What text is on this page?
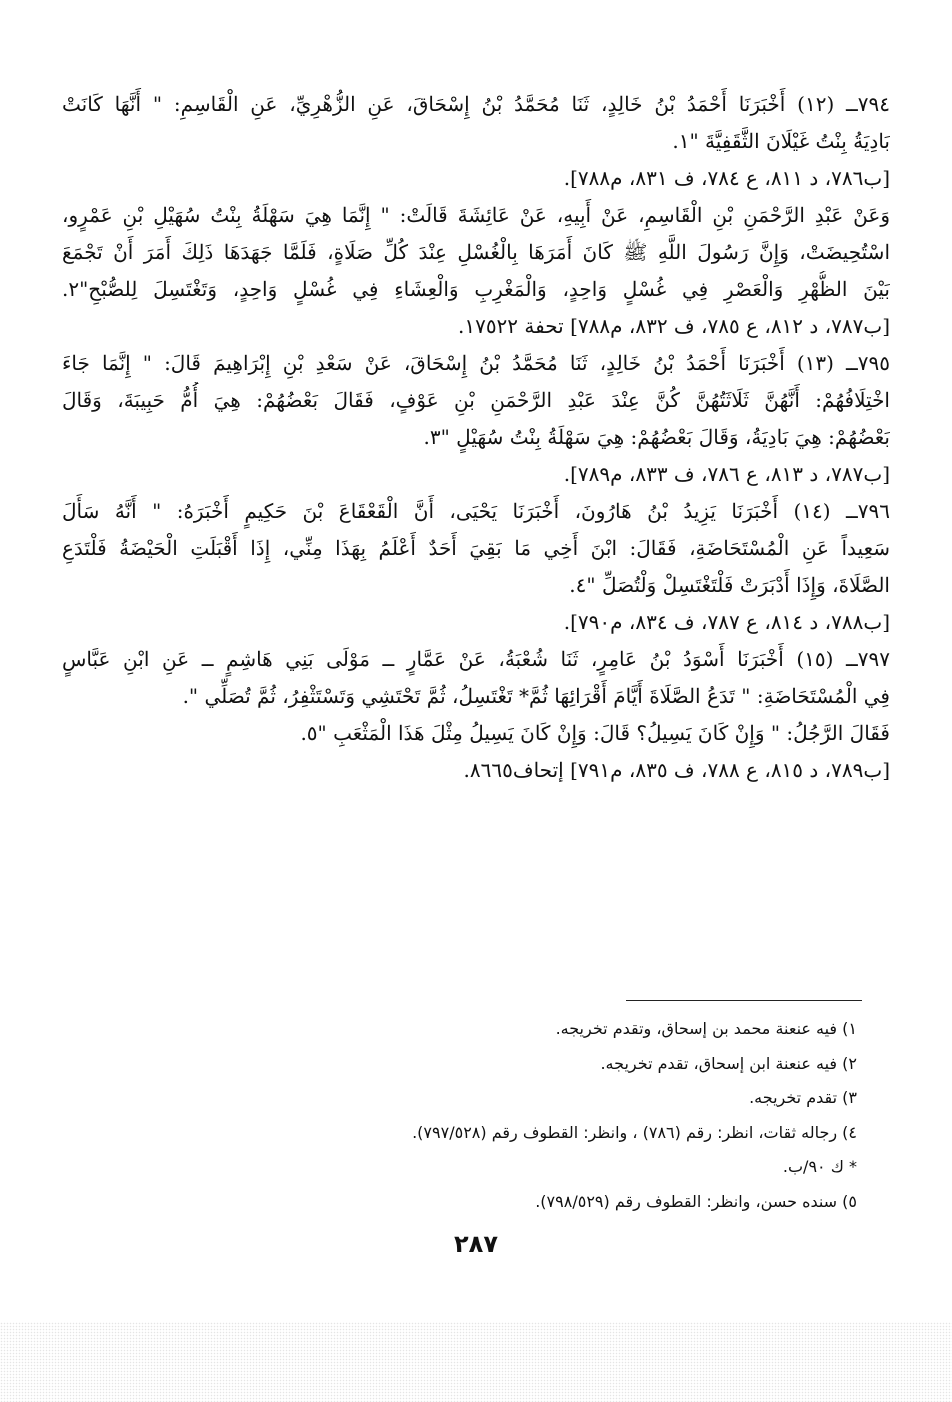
٧٩٤ــ (١٢) أَخْبَرَنَا أَحْمَدُ بْنُ خَالِدٍ، ثَنَا مُحَمَّدُ بْنُ إِسْحَاقَ، عَنِ الزُّهْرِيِّ، عَنِ الْقَاسِمِ: " أَنَّهَا كَانَتْ
بَادِيَةُ بِنْتُ غَيْلَانَ الثَّقَفِيَّةَ "١.
[ب٧٨٦، د ٨١١، ع ٧٨٤، ف ٨٣١، م٧٨٨].
وَعَنْ عَبْدِ الرَّحْمَنِ بْنِ الْقَاسِمِ، عَنْ أَبِيهِ، عَنْ عَائِشَةَ قَالَتْ: " إِنَّمَا هِيَ سَهْلَةُ بِنْتُ سُهَيْلِ بْنِ عَمْرٍو،
اسْتُحِيضَتْ، وَإِنَّ رَسُولَ اللَّهِ ﷺ كَانَ أَمَرَهَا بِالْغُسْلِ عِنْدَ كُلِّ صَلَاةٍ، فَلَمَّا جَهَدَهَا ذَلِكَ أَمَرَ أَنْ تَجْمَعَ
بَيْنَ الظُّهْرِ وَالْعَصْرِ فِي غُسْلٍ وَاحِدٍ، وَالْمَغْرِبِ وَالْعِشَاءِ فِي غُسْلٍ وَاحِدٍ، وَتَغْتَسِلَ لِلصُّبْحِ"٢.
[ب٧٨٧، د ٨١٢، ع ٧٨٥، ف ٨٣٢، م٧٨٨] تحفة ١٧٥٢٢.
٧٩٥ــ (١٣) أَخْبَرَنَا أَحْمَدُ بْنُ خَالِدٍ، ثَنَا مُحَمَّدُ بْنُ إِسْحَاقَ، عَنْ سَعْدِ بْنِ إِبْرَاهِيمَ قَالَ: " إِنَّمَا جَاءَ
اخْتِلَافُهُمْ: أَنَّهُنَّ ثَلَاثَتُهُنَّ كُنَّ عِنْدَ عَبْدِ الرَّحْمَنِ بْنِ عَوْفٍ، فَقَالَ بَعْضُهُمْ: هِيَ أُمُّ حَبِيبَةَ، وَقَالَ
بَعْضُهُمْ: هِيَ بَادِيَةُ، وَقَالَ بَعْضُهُمْ: هِيَ سَهْلَةُ بِنْتُ سُهَيْلٍ "٣.
[ب٧٨٧، د ٨١٣، ع ٧٨٦، ف ٨٣٣، م٧٨٩].
٧٩٦ــ (١٤) أَخْبَرَنَا يَزِيدُ بْنُ هَارُونَ، أَخْبَرَنَا يَحْيَى، أَنَّ الْقَعْقَاعَ بْنَ حَكِيمٍ أَخْبَرَهُ: " أَنَّهُ سَأَلَ
سَعِيداً عَنِ الْمُسْتَحَاضَةِ، فَقَالَ: ابْنَ أَخِي مَا بَقِيَ أَحَدٌ أَعْلَمُ بِهَذَا مِنِّي، إِذَا أَقْبَلَتِ الْحَيْضَةُ فَلْتَدَعِ
الصَّلَاةَ، وَإِذَا أَدْبَرَتْ فَلْتَغْتَسِلْ وَلْتُصَلِّ "٤.
[ب٧٨٨، د ٨١٤، ع ٧٨٧، ف ٨٣٤، م٧٩٠].
٧٩٧ــ (١٥) أَخْبَرَنَا أَسْوَدُ بْنُ عَامِرٍ، ثَنَا شُعْبَةُ، عَنْ عَمَّارٍ ــ مَوْلَى بَنِي هَاشِمٍ ــ عَنِ ابْنِ عَبَّاسٍ
فِي الْمُسْتَحَاضَةِ: " تَدَعُ الصَّلَاةَ أَيَّامَ أَقْرَائِهَا ثُمَّ* تَغْتَسِلُ، ثُمَّ تَحْتَشِي وَتَسْتَثْفِرُ، ثُمَّ تُصَلِّي ".
فَقَالَ الرَّجُلُ: " وَإِنْ كَانَ يَسِيلُ؟ قَالَ: وَإِنْ كَانَ يَسِيلُ مِثْلَ هَذَا الْمَثْعَبِ "٥.
[ب٧٨٩، د ٨١٥، ع ٧٨٨، ف ٨٣٥، م٧٩١] إتحاف٨٦٦٥.
١) فيه عنعنة محمد بن إسحاق، وتقدم تخريجه.
٢) فيه عنعنة ابن إسحاق، تقدم تخريجه.
٣) تقدم تخريجه.
٤) رجاله ثقات، انظر: رقم (٧٨٦) ، وانظر: القطوف رقم (٧٩٧/٥٢٨).
* ك ٩٠/ب.
٥) سنده حسن، وانظر: القطوف رقم (٧٩٨/٥٢٩).
٢٨٧
